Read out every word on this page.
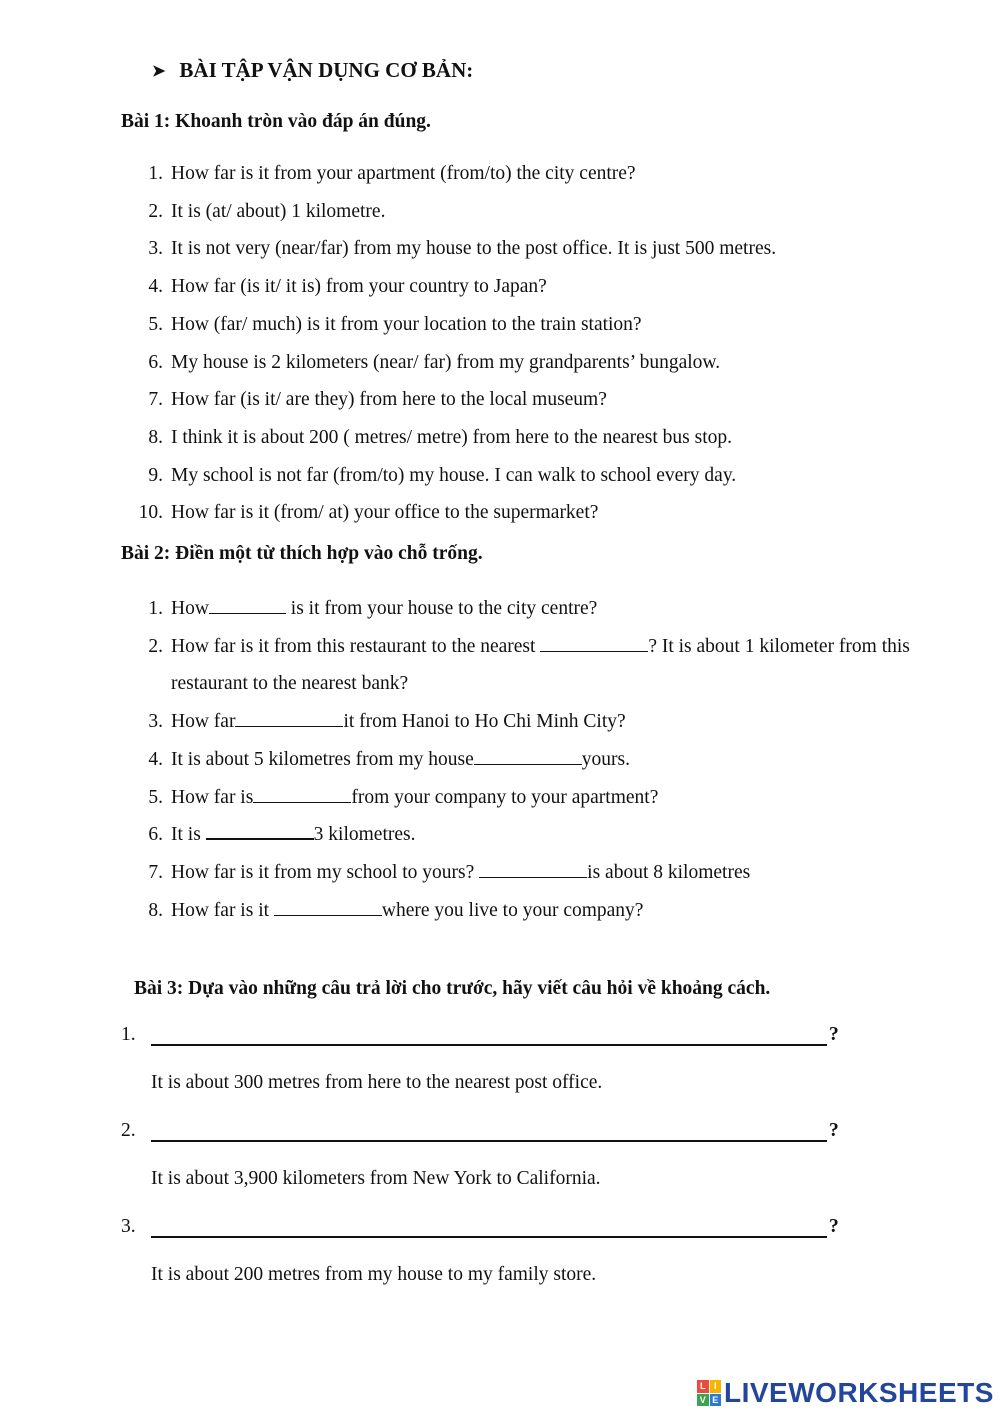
➤ BÀI TẬP VẬN DỤNG CƠ BẢN:
Bài 1: Khoanh tròn vào đáp án đúng.
1 . How far is it from your apartment (from/to) the city centre?
2 . It is (at/ about) 1 kilometre.
3 . It is not very (near/far) from my house to the post office. It is just 500 metres.
4 . How far (is it/ it is) from your country to Japan?
5 . How (far/ much) is it from your location to the train station?
6 . My house is 2 kilometers (near/ far) from my grandparents’ bungalow.
7 . How far (is it/ are they) from here to the local museum?
8 . I think it is about 200 ( metres/ metre) from here to the nearest bus stop.
9 . My school is not far (from/to) my house. I can walk to school every day.
10 . How far is it (from/ at) your office to the supermarket?
Bài 2: Điền một từ thích hợp vào chỗ trống.
1 . How	is it from your house to the city centre?
2 . How far is it from this restaurant to the nearest	? It is about 1 kilometer from this restaurant to the nearest bank?
3 . How far	it from Hanoi to Ho Chi Minh City?
4 . It is about 5 kilometres from my house	yours.
5 . How far is	from your company to your apartment?
6 . It is	3 kilometres.
7 . How far is it from my school to yours?	is about 8 kilometres
8 . How far is it	where you live to your company?
Bài 3: Dựa vào những câu trả lời cho trước, hãy viết câu hỏi về khoảng cách.
1.	?
It is about 300 metres from here to the nearest post office.
2.	?
It is about 3,900 kilometers from New York to California.
3.	?
It is about 200 metres from my house to my family store.
L I
V E LIVEWORKSHEETS
